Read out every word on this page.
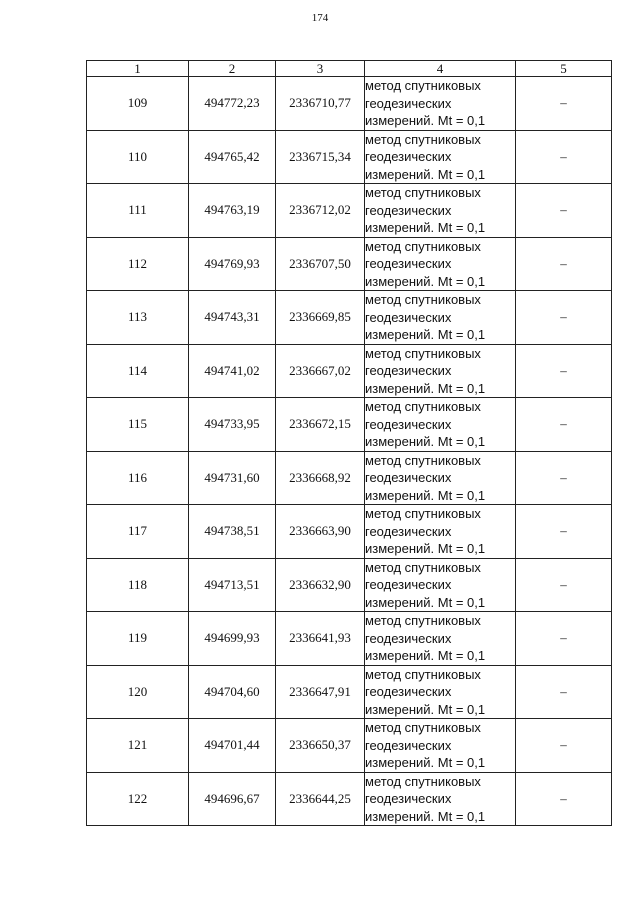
174
1	2	3	4	5
109	494772,23	2336710,77	метод спутниковых
геодезических
измерений. Mt = 0,1	–
110	494765,42	2336715,34	метод спутниковых
геодезических
измерений. Mt = 0,1	–
111	494763,19	2336712,02	метод спутниковых
геодезических
измерений. Mt = 0,1	–
112	494769,93	2336707,50	метод спутниковых
геодезических
измерений. Mt = 0,1	–
113	494743,31	2336669,85	метод спутниковых
геодезических
измерений. Mt = 0,1	–
114	494741,02	2336667,02	метод спутниковых
геодезических
измерений. Mt = 0,1	–
115	494733,95	2336672,15	метод спутниковых
геодезических
измерений. Mt = 0,1	–
116	494731,60	2336668,92	метод спутниковых
геодезических
измерений. Mt = 0,1	–
117	494738,51	2336663,90	метод спутниковых
геодезических
измерений. Mt = 0,1	–
118	494713,51	2336632,90	метод спутниковых
геодезических
измерений. Mt = 0,1	–
119	494699,93	2336641,93	метод спутниковых
геодезических
измерений. Mt = 0,1	–
120	494704,60	2336647,91	метод спутниковых
геодезических
измерений. Mt = 0,1	–
121	494701,44	2336650,37	метод спутниковых
геодезических
измерений. Mt = 0,1	–
122	494696,67	2336644,25	метод спутниковых
геодезических
измерений. Mt = 0,1	–
